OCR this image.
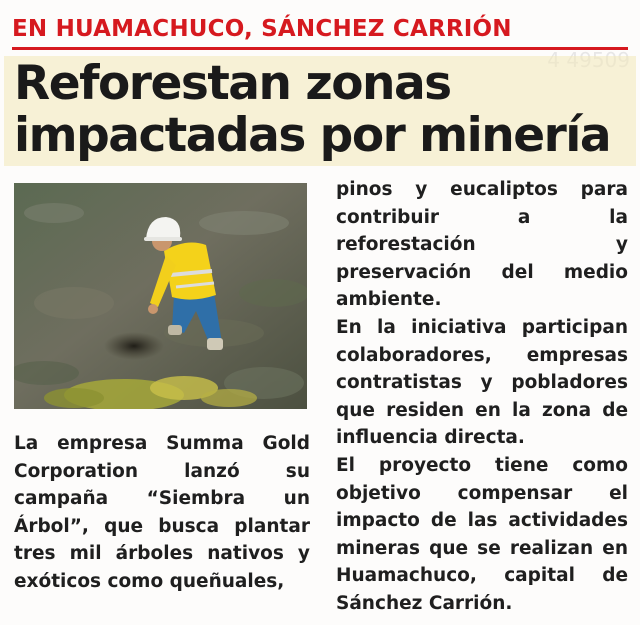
EN HUAMACHUCO, SÁNCHEZ CARRIÓN
Reforestan zonas
impactadas por minería

La empresa Summa Gold Corporation lanzó su campaña “Siembra un Árbol”, que busca plantar tres mil árboles nativos y exóticos como queñuales,

pinos y eucaliptos para contribuir a la reforestación y preservación del medio ambiente.

En la iniciativa participan colaboradores, empresas contratistas y pobladores que residen en la zona de influencia directa.

El proyecto tiene como objetivo compensar el impacto de las actividades mineras que se realizan en Huamachuco, capital de Sánchez Carrión.
